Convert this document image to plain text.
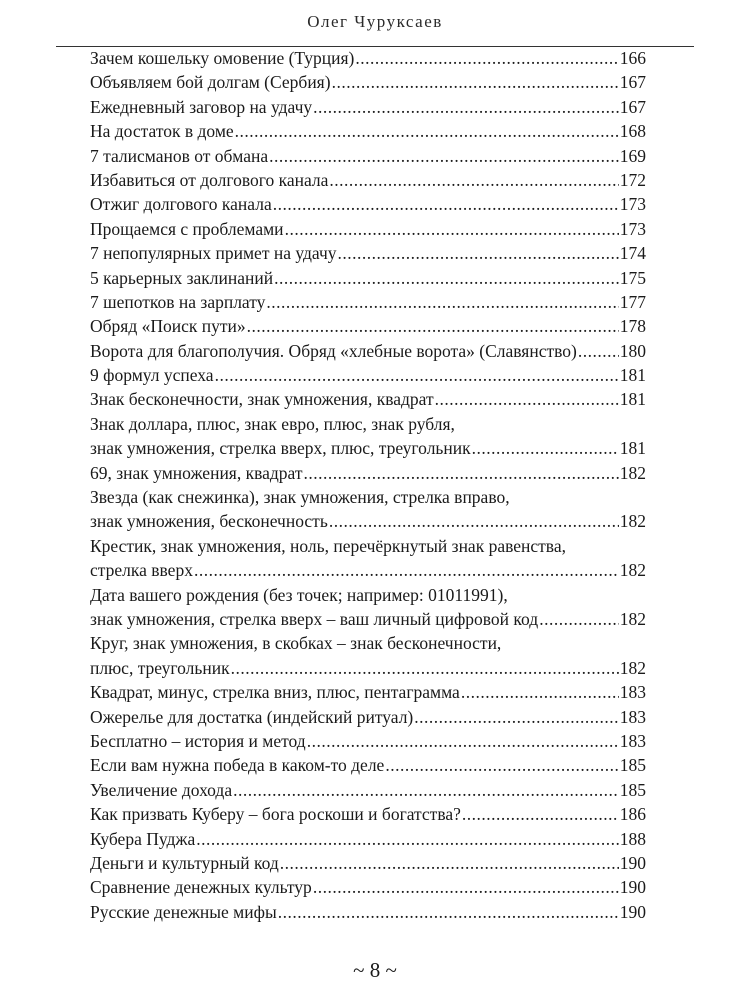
Олег Чуруксаев
Зачем кошельку омовение (Турция) .....	166
Объявляем бой долгам (Сербия) .....	167
Ежедневный заговор на удачу .....	167
На достаток в доме .....	168
7 талисманов от обмана .....	169
Избавиться от долгового канала .....	172
Отжиг долгового канала .....	173
Прощаемся с проблемами .....	173
7 непопулярных примет на удачу .....	174
5 карьерных заклинаний .....	175
7 шепотков на зарплату .....	177
Обряд «Поиск пути» .....	178
Ворота для благополучия. Обряд «хлебные ворота» (Славянство) ..... 180
9 формул успеха .....	181
Знак бесконечности, знак умножения, квадрат .....	181
Знак доллара, плюс, знак евро, плюс, знак рубля,
знак умножения, стрелка вверх, плюс, треугольник .....	181
69, знак умножения, квадрат .....	182
Звезда (как снежинка), знак умножения, стрелка вправо,
знак умножения, бесконечность .....	182
Крестик, знак умножения, ноль, перечёркнутый знак равенства,
стрелка вверх .....	182
Дата вашего рождения (без точек; например: 01011991),
знак умножения, стрелка вверх – ваш личный цифровой код .....	182
Круг, знак умножения, в скобках – знак бесконечности,
плюс, треугольник .....	182
Квадрат, минус, стрелка вниз, плюс, пентаграмма .....	183
Ожерелье для достатка (индейский ритуал) .....	183
Бесплатно – история и метод .....	183
Если вам нужна победа в каком-то деле .....	185
Увеличение дохода .....	185
Как призвать Куберу – бога роскоши и богатства? .....	186
Кубера Пуджа .....	188
Деньги и культурный код .....	190
Сравнение денежных культур .....	190
Русские денежные мифы .....	190
~ 8 ~
